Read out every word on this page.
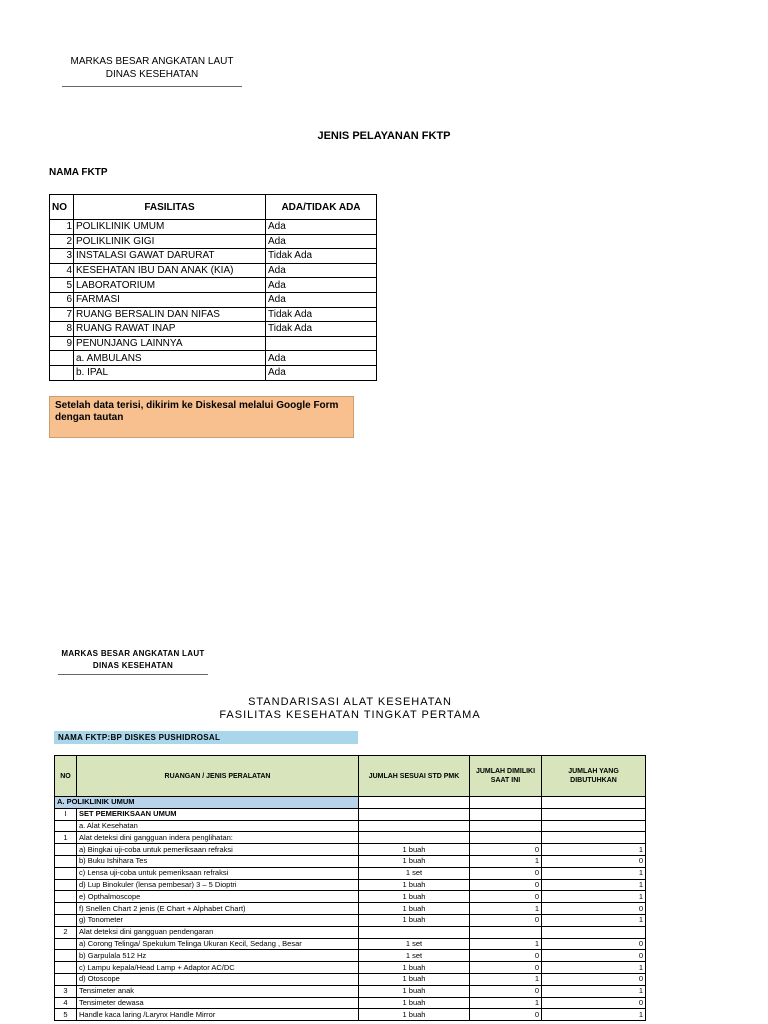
MARKAS BESAR ANGKATAN LAUT
DINAS KESEHATAN
JENIS PELAYANAN FKTP
NAMA FKTP
NO	FASILITAS	ADA/TIDAK ADA
1	POLIKLINIK UMUM	Ada
2	POLIKLINIK GIGI	Ada
3	INSTALASI GAWAT DARURAT	Tidak Ada
4	KESEHATAN IBU DAN ANAK (KIA)	Ada
5	LABORATORIUM	Ada
6	FARMASI	Ada
7	RUANG BERSALIN DAN NIFAS	Tidak Ada
8	RUANG RAWAT INAP	Tidak Ada
9	PENUNJANG LAINNYA	
	a. AMBULANS	Ada
	b. IPAL	Ada
Setelah data terisi, dikirim ke Diskesal melalui Google Form dengan tautan
MARKAS BESAR ANGKATAN LAUT
DINAS KESEHATAN
STANDARISASI ALAT KESEHATAN
FASILITAS KESEHATAN TINGKAT PERTAMA
NAMA FKTP:BP DISKES PUSHIDROSAL
NO	RUANGAN / JENIS PERALATAN	JUMLAH SESUAI STD PMK	JUMLAH DIMILIKI SAAT INI	JUMLAH YANG DIBUTUHKAN
A. POLIKLINIK UMUM				
I	SET PEMERIKSAAN UMUM			
	a. Alat Kesehatan			
1	Alat deteksi dini gangguan indera penglihatan:			
	a) Bingkai uji-coba untuk pemeriksaan refraksi	1 buah	0	1
	b) Buku Ishihara Tes	1 buah	1	0
	c) Lensa uji-coba untuk pemeriksaan refraksi	1 set	0	1
	d) Lup Binokuler (lensa pembesar) 3 – 5 Dioptri	1 buah	0	1
	e) Opthalmoscope	1 buah	0	1
	f) Snellen Chart 2 jenis (E Chart + Alphabet Chart)	1 buah	1	0
	g) Tonometer	1 buah	0	1
2	Alat deteksi dini gangguan pendengaran			
	a) Corong Telinga/ Spekulum Telinga Ukuran Kecil, Sedang , Besar	1 set	1	0
	b) Garpulala 512 Hz	1 set	0	0
	c) Lampu kepala/Head Lamp + Adaptor AC/DC	1 buah	0	1
	d) Otoscope	1 buah	1	0
3	Tensimeter anak	1 buah	0	1
4	Tensimeter dewasa	1 buah	1	0
5	Handle kaca laring /Larynx Handle Mirror	1 buah	0	1
